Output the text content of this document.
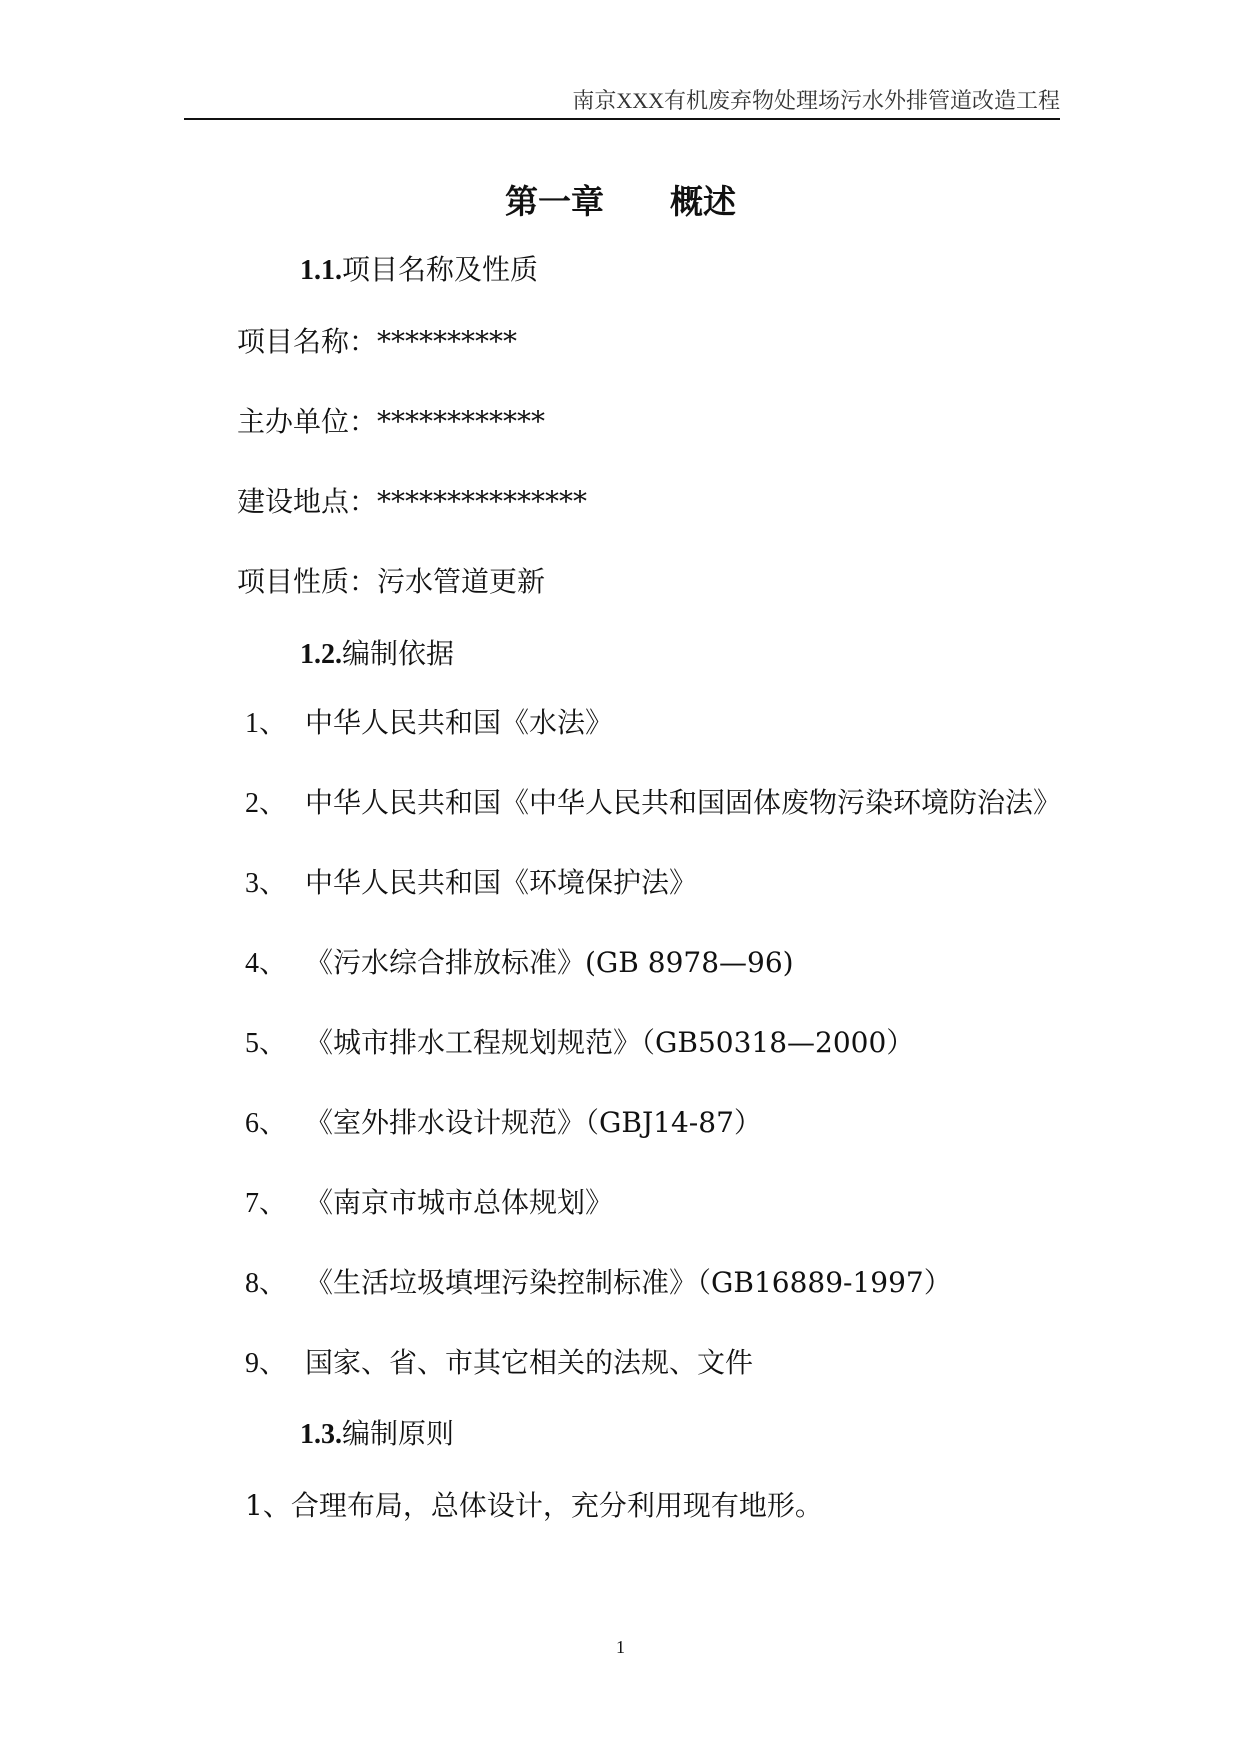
南京XXX有机废弃物处理场污水外排管道改造工程
第一章　　概述
1.1.项目名称及性质
项目名称：**********
主办单位：************
建设地点：***************
项目性质：污水管道更新
1.2.编制依据
1、 中华人民共和国《水法》
2、 中华人民共和国《中华人民共和国固体废物污染环境防治法》
3、 中华人民共和国《环境保护法》
4、 《污水综合排放标准》(GB 8978—96)
5、 《城市排水工程规划规范》（GB50318—2000）
6、 《室外排水设计规范》（GBJ14-87）
7、 《南京市城市总体规划》
8、 《生活垃圾填埋污染控制标准》（GB16889-1997）
9、 国家、省、市其它相关的法规、文件
1.3.编制原则
1、合理布局，总体设计，充分利用现有地形。
1
